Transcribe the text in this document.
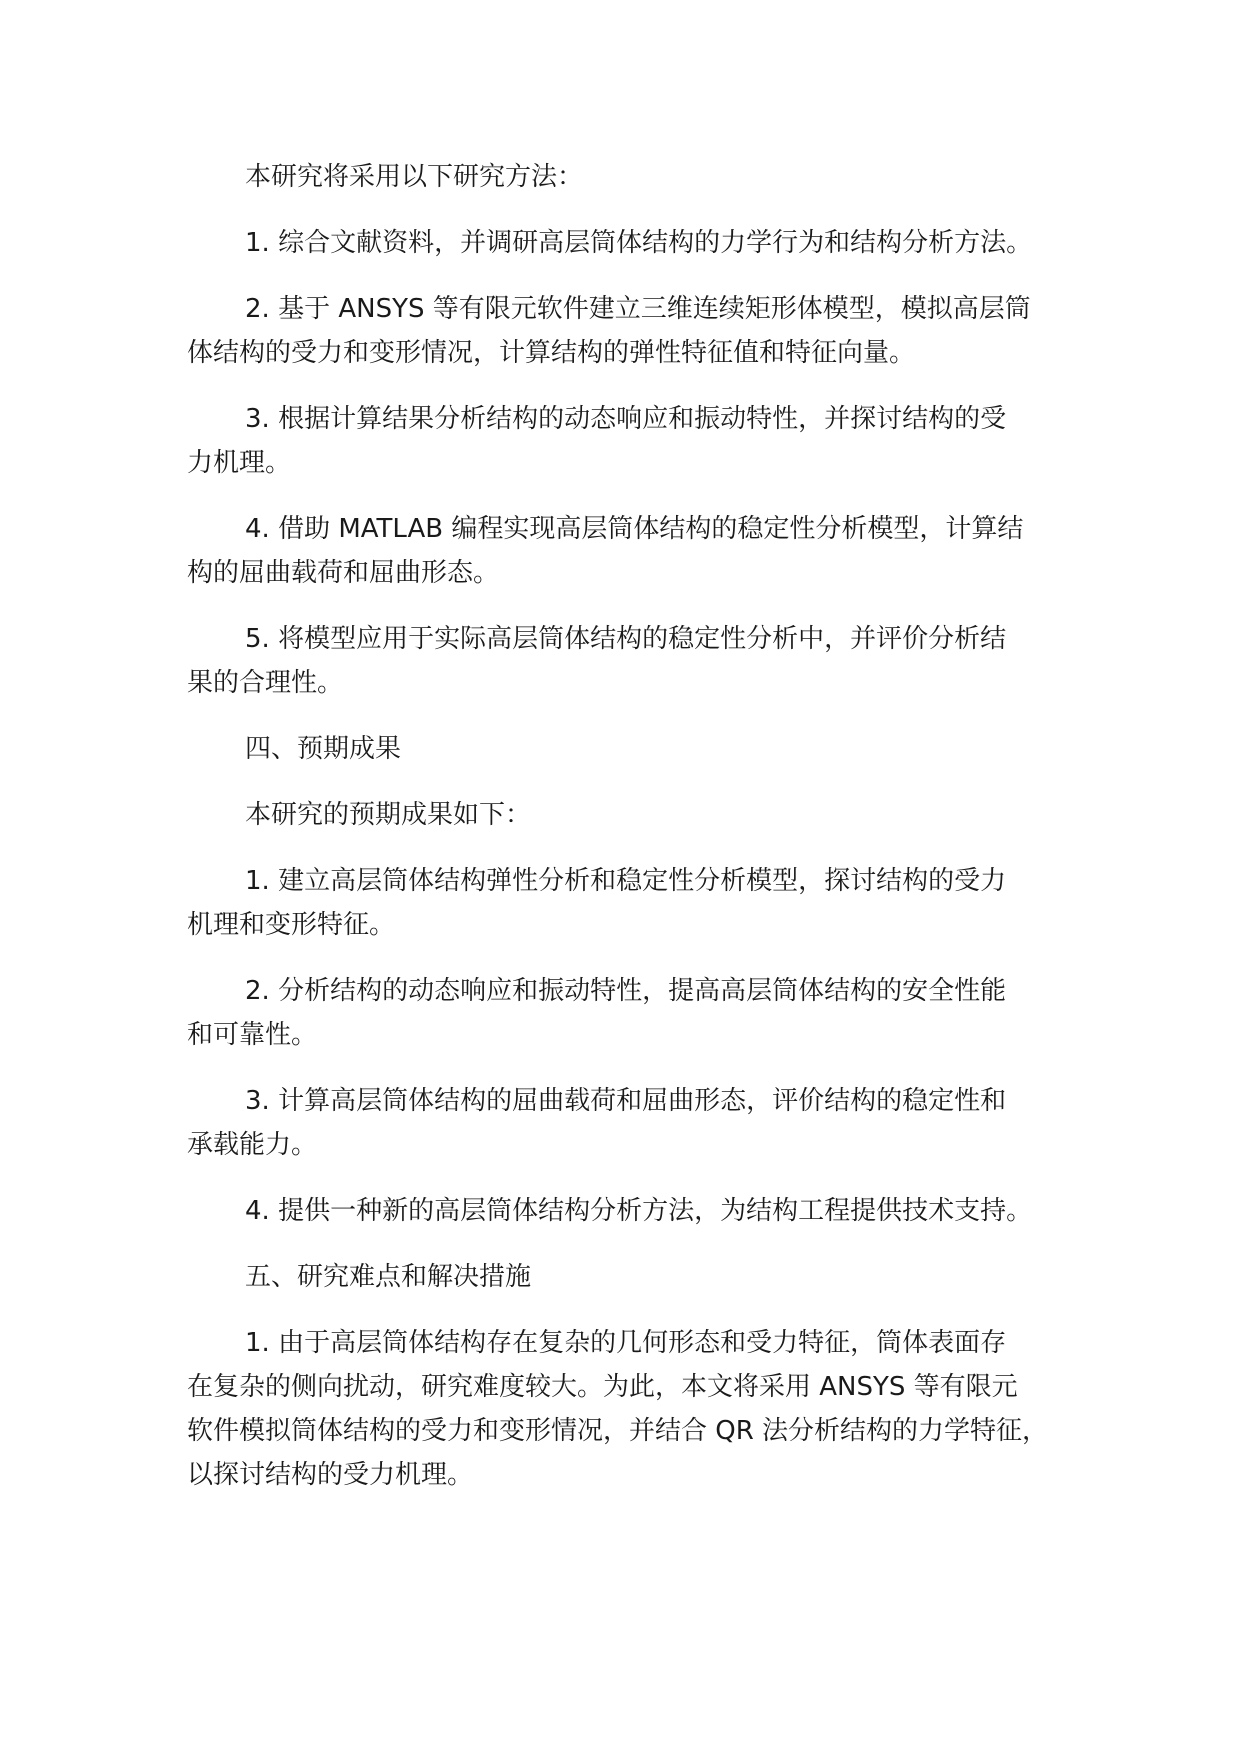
本研究将采用以下研究方法：

1. 综合文献资料，并调研高层筒体结构的力学行为和结构分析方法。

2. 基于 ANSYS 等有限元软件建立三维连续矩形体模型，模拟高层筒
体结构的受力和变形情况，计算结构的弹性特征值和特征向量。

3. 根据计算结果分析结构的动态响应和振动特性，并探讨结构的受
力机理。

4. 借助 MATLAB 编程实现高层筒体结构的稳定性分析模型，计算结
构的屈曲载荷和屈曲形态。

5. 将模型应用于实际高层筒体结构的稳定性分析中，并评价分析结
果的合理性。

四、预期成果

本研究的预期成果如下：

1. 建立高层筒体结构弹性分析和稳定性分析模型，探讨结构的受力
机理和变形特征。

2. 分析结构的动态响应和振动特性，提高高层筒体结构的安全性能
和可靠性。

3. 计算高层筒体结构的屈曲载荷和屈曲形态，评价结构的稳定性和
承载能力。

4. 提供一种新的高层筒体结构分析方法，为结构工程提供技术支持。

五、研究难点和解决措施

1. 由于高层筒体结构存在复杂的几何形态和受力特征，筒体表面存
在复杂的侧向扰动，研究难度较大。为此，本文将采用 ANSYS 等有限元
软件模拟筒体结构的受力和变形情况，并结合 QR 法分析结构的力学特征，
以探讨结构的受力机理。
